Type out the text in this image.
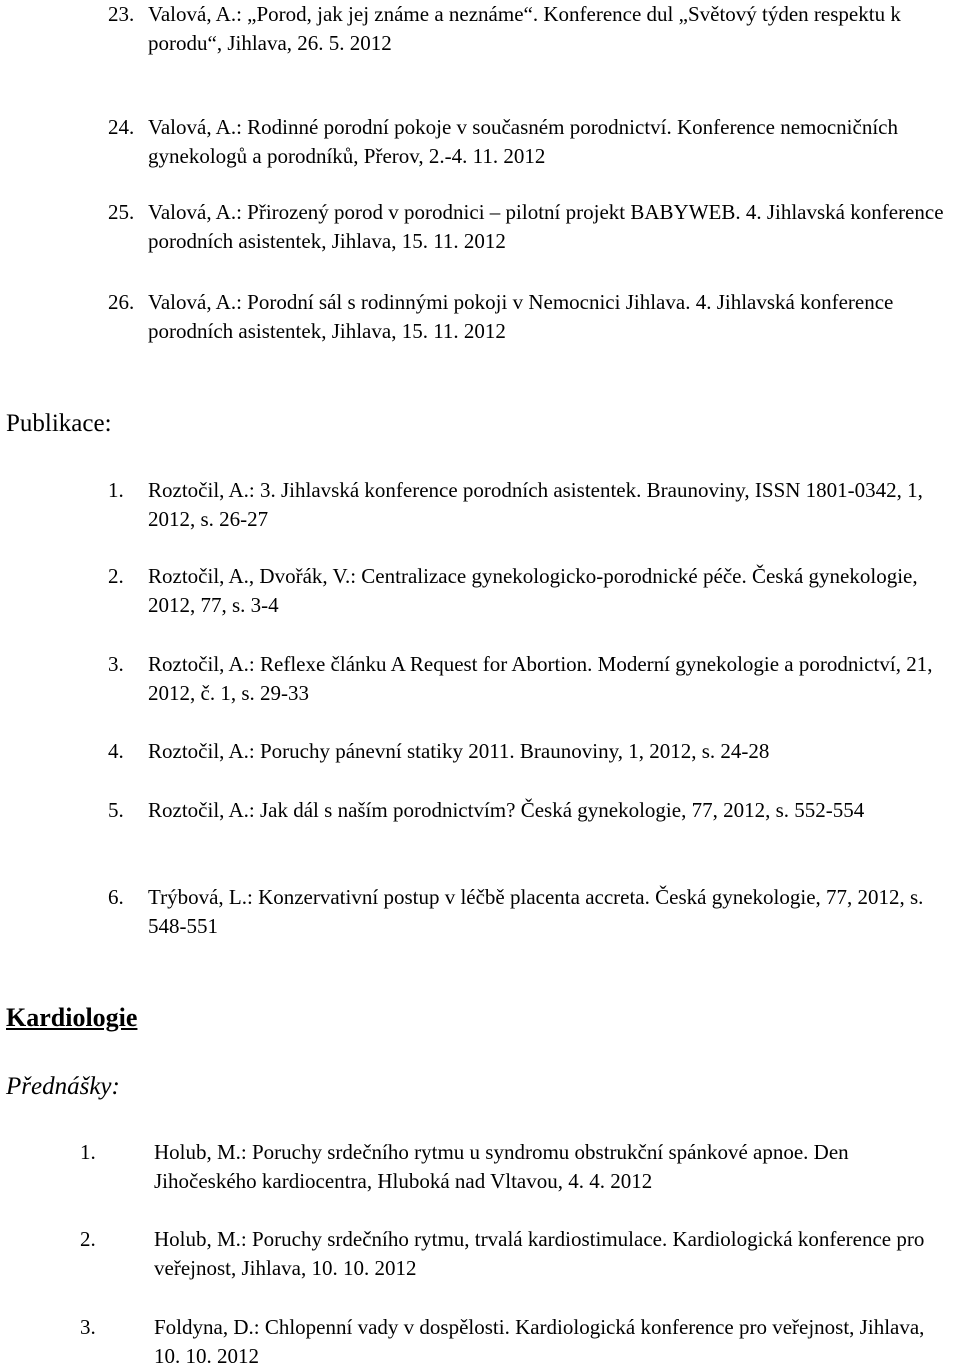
23. Valová, A.: „Porod, jak jej známe a neznáme“. Konference dul „Světový týden respektu k porodu“, Jihlava, 26. 5. 2012
24. Valová, A.: Rodinné porodní pokoje v současném porodnictví. Konference nemocničních gynekologů a porodníků, Přerov, 2.-4. 11. 2012
25. Valová, A.: Přirozený porod v porodnici – pilotní projekt BABYWEB. 4. Jihlavská konference porodních asistentek, Jihlava, 15. 11. 2012
26. Valová, A.: Porodní sál s rodinnými pokoji v Nemocnici Jihlava. 4. Jihlavská konference porodních asistentek, Jihlava, 15. 11. 2012
Publikace:
1. Roztočil, A.: 3. Jihlavská konference porodních asistentek. Braunoviny, ISSN 1801-0342, 1, 2012, s. 26-27
2. Roztočil, A., Dvořák, V.: Centralizace gynekologicko-porodnické péče. Česká gynekologie, 2012, 77, s. 3-4
3. Roztočil, A.: Reflexe článku A Request for Abortion. Moderní gynekologie a porodnictví, 21, 2012, č. 1, s. 29-33
4. Roztočil, A.: Poruchy pánevní statiky 2011. Braunoviny, 1, 2012, s. 24-28
5. Roztočil, A.: Jak dál s naším porodnictvím? Česká gynekologie, 77, 2012, s. 552-554
6. Trýbová, L.: Konzervativní postup v léčbě placenta accreta. Česká gynekologie, 77, 2012, s. 548-551
Kardiologie
Přednášky:
1.	Holub, M.: Poruchy srdečního rytmu u syndromu obstrukční spánkové apnoe. Den Jihočeského kardiocentra, Hluboká nad Vltavou, 4. 4. 2012
2.	Holub, M.: Poruchy srdečního rytmu, trvalá kardiostimulace. Kardiologická konference pro veřejnost, Jihlava, 10. 10. 2012
3.	Foldyna, D.: Chlopenní vady v dospělosti. Kardiologická konference pro veřejnost, Jihlava, 10. 10. 2012
